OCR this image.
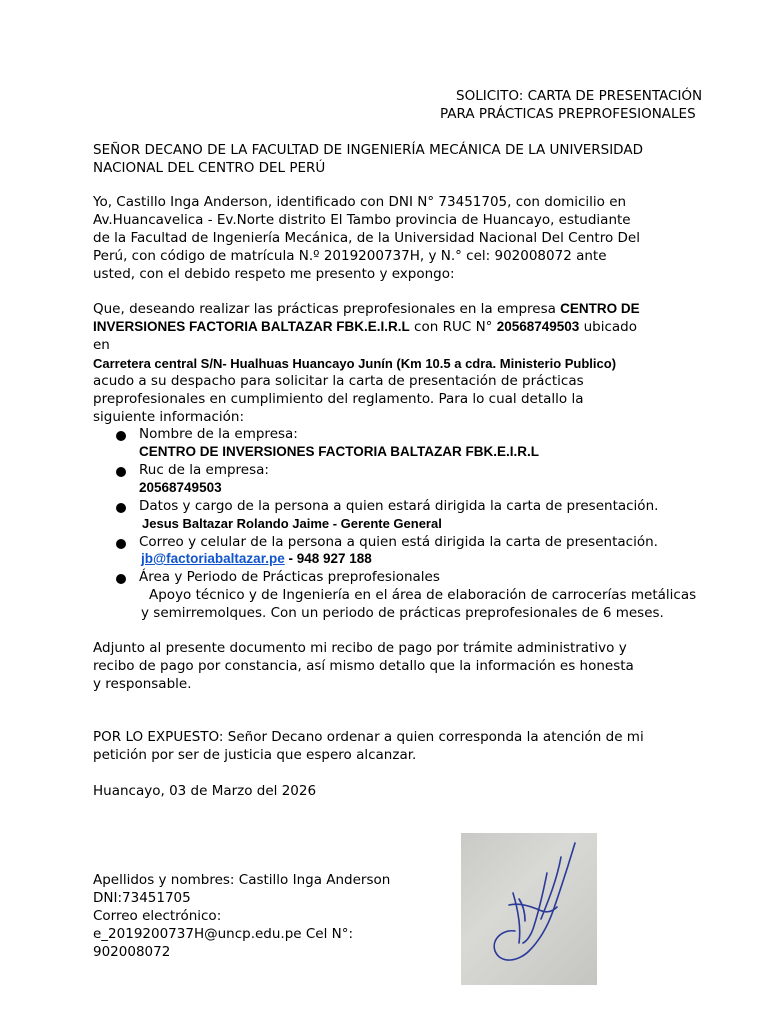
SOLICITO: CARTA DE PRESENTACIÓN
PARA PRÁCTICAS PREPROFESIONALES
SEÑOR DECANO DE LA FACULTAD DE INGENIERÍA MECÁNICA DE LA UNIVERSIDAD
NACIONAL DEL CENTRO DEL PERÚ
Yo, Castillo Inga Anderson, identificado con DNI N° 73451705, con domicilio en
Av.Huancavelica - Ev.Norte distrito El Tambo provincia de Huancayo, estudiante
de la Facultad de Ingeniería Mecánica, de la Universidad Nacional Del Centro Del
Perú, con código de matrícula N.º 2019200737H, y N.° cel: 902008072 ante
usted, con el debido respeto me presento y expongo:
Que, deseando realizar las prácticas preprofesionales en la empresa CENTRO DE
INVERSIONES FACTORIA BALTAZAR FBK.E.I.R.L con RUC N° 20568749503 ubicado
en
Carretera central S/N- Hualhuas Huancayo Junín (Km 10.5 a cdra. Ministerio Publico)
acudo a su despacho para solicitar la carta de presentación de prácticas
preprofesionales en cumplimiento del reglamento. Para lo cual detallo la
siguiente información:
Nombre de la empresa:
CENTRO DE INVERSIONES FACTORIA BALTAZAR FBK.E.I.R.L
Ruc de la empresa:
20568749503
Datos y cargo de la persona a quien estará dirigida la carta de presentación.
Jesus Baltazar Rolando Jaime - Gerente General
Correo y celular de la persona a quien está dirigida la carta de presentación.
jb@factoriabaltazar.pe - 948 927 188
Área y Periodo de Prácticas preprofesionales
Apoyo técnico y de Ingeniería en el área de elaboración de carrocerías metálicas
y semirremolques. Con un periodo de prácticas preprofesionales de 6 meses.
Adjunto al presente documento mi recibo de pago por trámite administrativo y
recibo de pago por constancia, así mismo detallo que la información es honesta
y responsable.
POR LO EXPUESTO: Señor Decano ordenar a quien corresponda la atención de mi
petición por ser de justicia que espero alcanzar.
Huancayo, 03 de Marzo del 2026
Apellidos y nombres: Castillo Inga Anderson
DNI:73451705
Correo electrónico:
e_2019200737H@uncp.edu.pe Cel N°:
902008072
